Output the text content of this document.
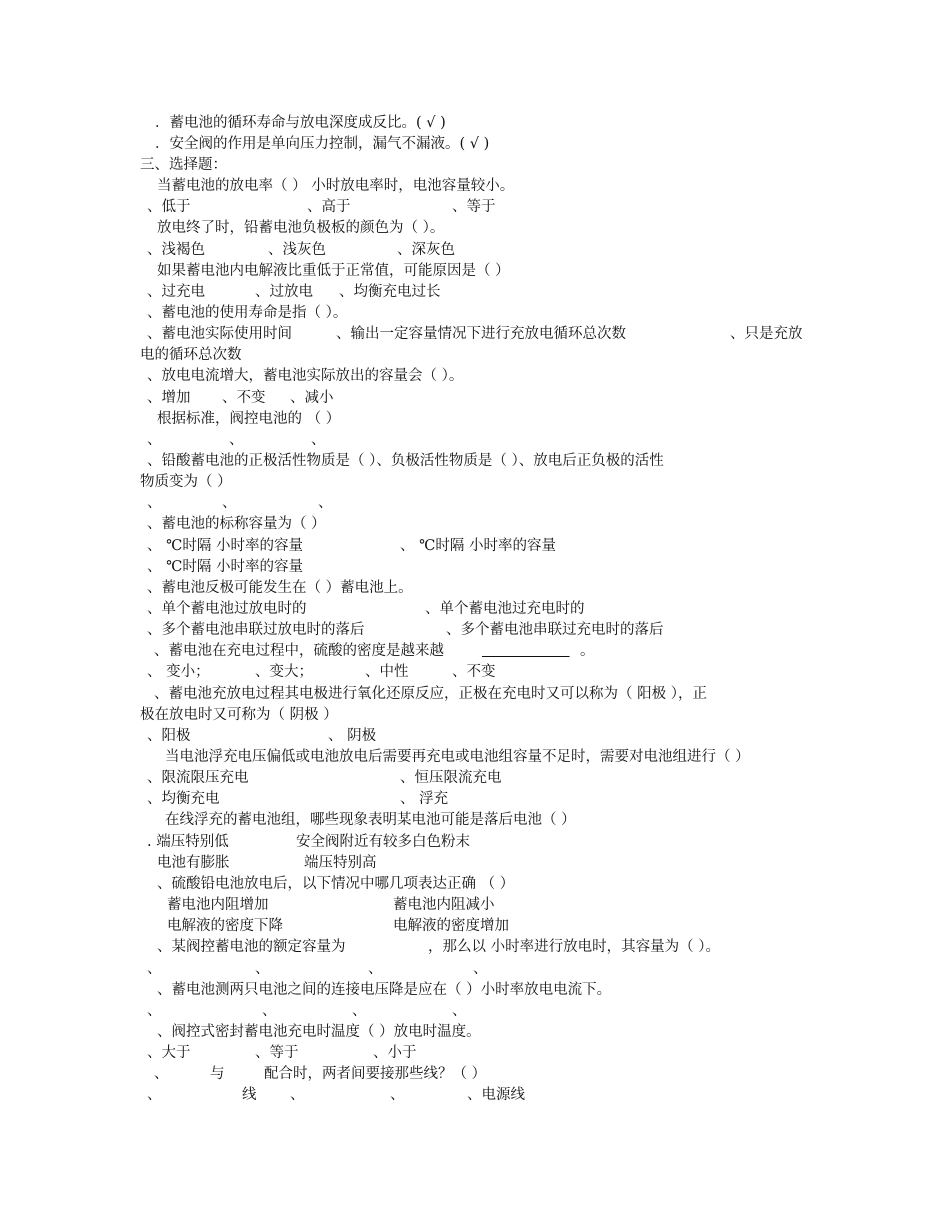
．蓄电池的循环寿命与放电深度成反比。( √ )
．安全阀的作用是单向压力控制，漏气不漏液。( √ )
三、选择题：
当蓄电池的放电率（ ） 小时放电率时，电池容量较小。
、低于	、高于	、等于
放电终了时，铅蓄电池负极板的颜色为（ ）。
、浅褐色	、浅灰色	、深灰色
如果蓄电池内电解液比重低于正常值，可能原因是（ ）
、过充电	、过放电 、均衡充电过长
、蓄电池的使用寿命是指（ ）。
、蓄电池实际使用时间	、输出一定容量情况下进行充放电循环总次数	、只是充放
电的循环总次数
、放电电流增大，蓄电池实际放出的容量会（ ）。
、增加 、不变 、减小
根据标准，阀控电池的 （ ）
、	、	、
、铅酸蓄电池的正极活性物质是（ ）、负极活性物质是（ ）、放电后正负极的活性
物质变为（ ）
、	、	、
、蓄电池的标称容量为（ ）
、 ℃时隔 小时率的容量	、 ℃时隔 小时率的容量
、 ℃时隔 小时率的容量
、蓄电池反极可能发生在（ ）蓄电池上。
、单个蓄电池过放电时的	、单个蓄电池过充电时的
、多个蓄电池串联过放电时的落后	、多个蓄电池串联过充电时的落后
、蓄电池在充电过程中，硫酸的密度是越来越
	。
、 变小；	、变大；	、中性	、不变
、蓄电池充放电过程其电极进行氧化还原反应，正极在充电时又可以称为（ 阳极 ），正
极在放电时又可称为（ 阴极 ）
、阳极	、 阴极
当电池浮充电压偏低或电池放电后需要再充电或电池组容量不足时，需要对电池组进行（ ）
、限流限压充电	、恒压限流充电
、均衡充电	、 浮充
在线浮充的蓄电池组，哪些现象表明某电池可能是落后电池（ ）
. 端压特别低	安全阀附近有较多白色粉末
电池有膨胀	端压特别高
、硫酸铅电池放电后，以下情况中哪几项表达正确 （ ）
蓄电池内阻增加	蓄电池内阻减小
电解液的密度下降	电解液的密度增加
、某阀控蓄电池的额定容量为	，那么以 小时率进行放电时，其容量为（ ）。
、	、	、	、
、蓄电池测两只电池之间的连接电压降是应在（ ）小时率放电电流下。
、	、	、	、
、阀控式密封蓄电池充电时温度（ ）放电时温度。
、大于	、等于	、小于
、	与	配合时，两者间要接那些线？（ ）
、	线 、	、	、电源线
